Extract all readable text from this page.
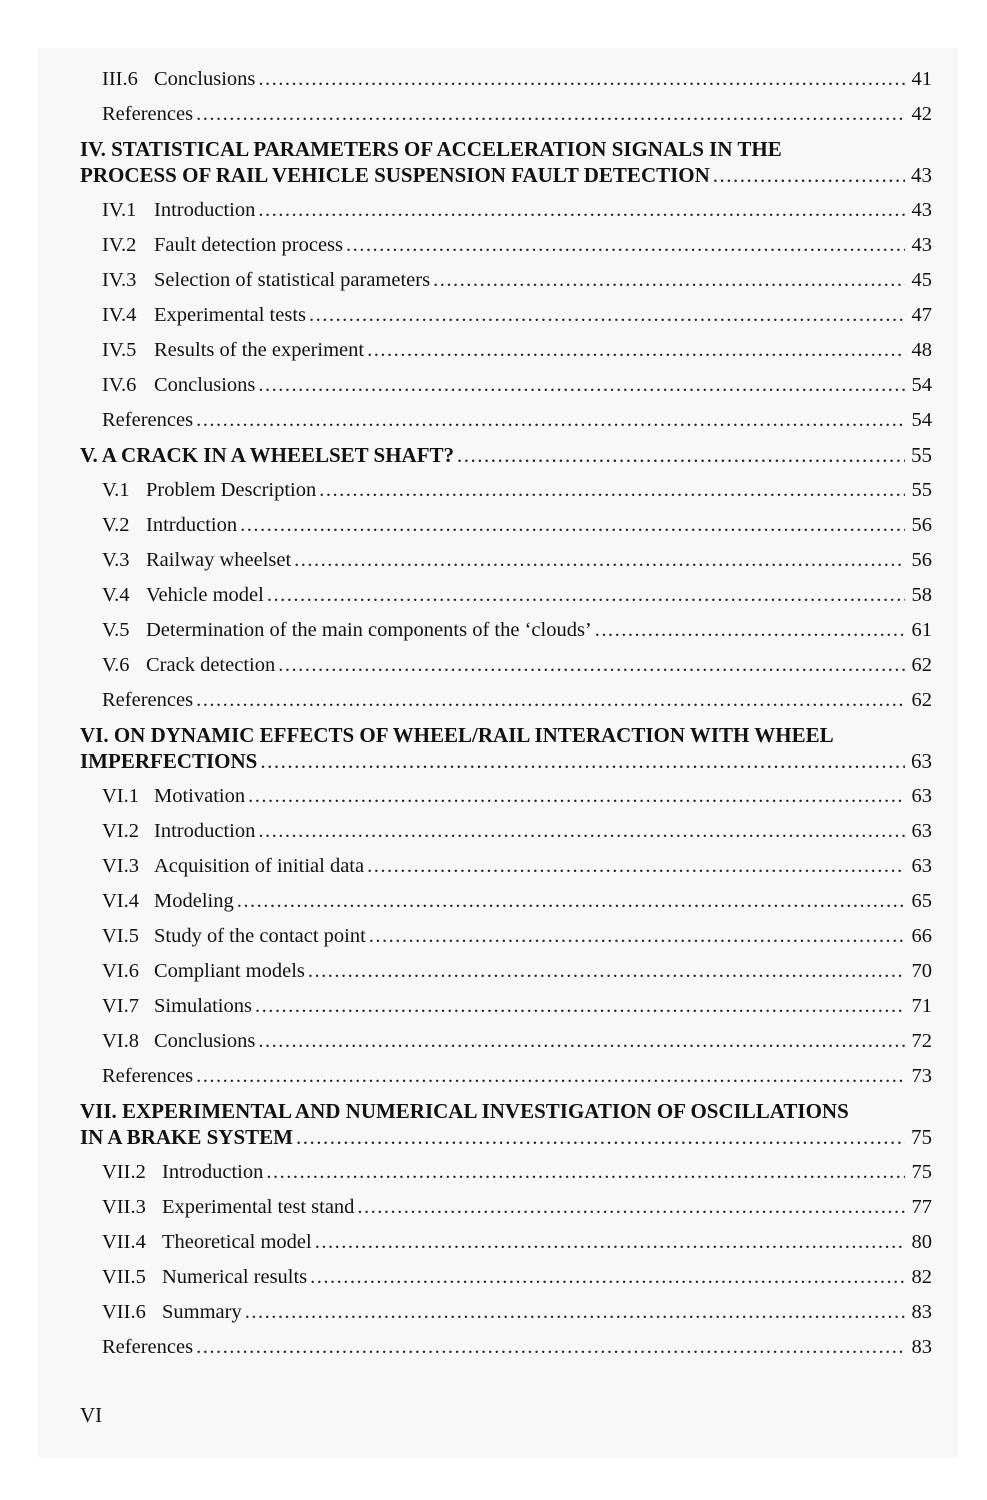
III.6 Conclusions .....	41
References .....	42
IV. STATISTICAL PARAMETERS OF ACCELERATION SIGNALS IN THE
PROCESS OF RAIL VEHICLE SUSPENSION FAULT DETECTION .....	43
IV.1 Introduction .....	43
IV.2 Fault detection process .....	43
IV.3 Selection of statistical parameters .....	45
IV.4 Experimental tests .....	47
IV.5 Results of the experiment .....	48
IV.6 Conclusions .....	54
References .....	54
V. A CRACK IN A WHEELSET SHAFT? .....	55
V.1 Problem Description .....	55
V.2 Intrduction .....	56
V.3 Railway wheelset .....	56
V.4 Vehicle model .....	58
V.5 Determination of the main components of the ‘clouds’ .....	61
V.6 Crack detection .....	62
References .....	62
VI. ON DYNAMIC EFFECTS OF WHEEL/RAIL INTERACTION WITH WHEEL
IMPERFECTIONS .....	63
VI.1 Motivation .....	63
VI.2 Introduction .....	63
VI.3 Acquisition of initial data .....	63
VI.4 Modeling .....	65
VI.5 Study of the contact point .....	66
VI.6 Compliant models .....	70
VI.7 Simulations .....	71
VI.8 Conclusions .....	72
References .....	73
VII. EXPERIMENTAL AND NUMERICAL INVESTIGATION OF OSCILLATIONS
IN A BRAKE SYSTEM .....	75
VII.2 Introduction .....	75
VII.3 Experimental test stand .....	77
VII.4 Theoretical model .....	80
VII.5 Numerical results .....	82
VII.6 Summary .....	83
References .....	83
VI
